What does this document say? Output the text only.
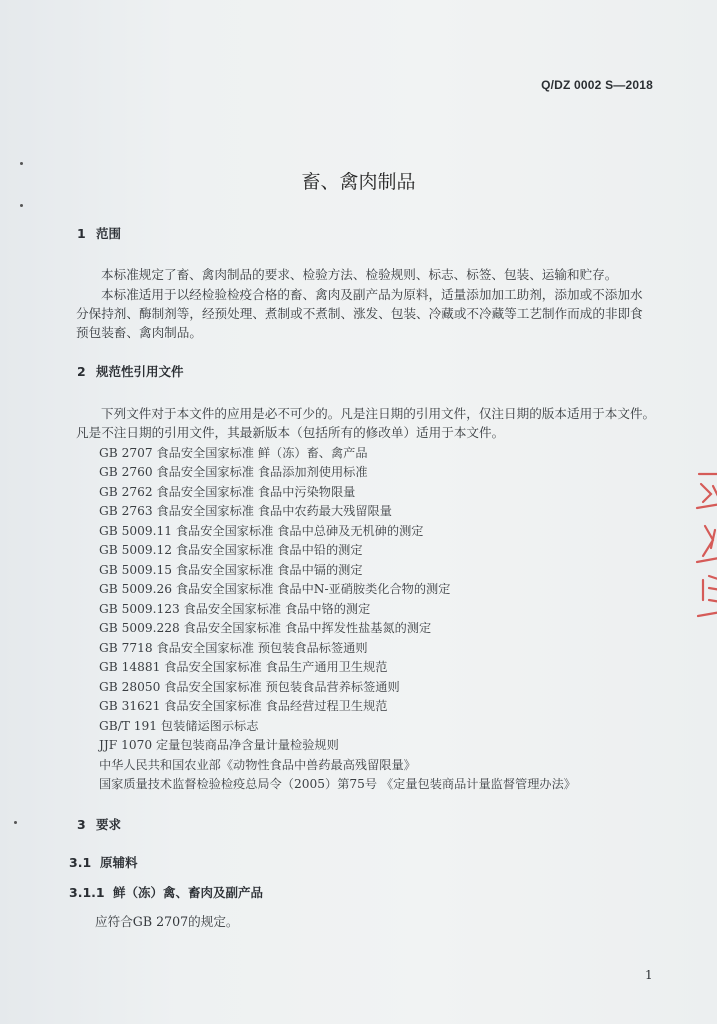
Q/DZ 0002 S—2018
畜、禽肉制品
1 范围
本标准规定了畜、禽肉制品的要求、检验方法、检验规则、标志、标签、包装、运输和贮存。
本标准适用于以经检验检疫合格的畜、禽肉及副产品为原料，适量添加加工助剂，添加或不添加水
分保持剂、酶制剂等，经预处理、煮制或不煮制、涨发、包装、冷藏或不冷藏等工艺制作而成的非即食
预包装畜、禽肉制品。
2 规范性引用文件
下列文件对于本文件的应用是必不可少的。凡是注日期的引用文件，仅注日期的版本适用于本文件。
凡是不注日期的引用文件，其最新版本（包括所有的修改单）适用于本文件。
GB 2707 食品安全国家标准 鲜（冻）畜、禽产品
GB 2760 食品安全国家标准 食品添加剂使用标准
GB 2762 食品安全国家标准 食品中污染物限量
GB 2763 食品安全国家标准 食品中农药最大残留限量
GB 5009.11 食品安全国家标准 食品中总砷及无机砷的测定
GB 5009.12 食品安全国家标准 食品中铅的测定
GB 5009.15 食品安全国家标准 食品中镉的测定
GB 5009.26 食品安全国家标准 食品中N-亚硝胺类化合物的测定
GB 5009.123 食品安全国家标准 食品中铬的测定
GB 5009.228 食品安全国家标准 食品中挥发性盐基氮的测定
GB 7718 食品安全国家标准 预包装食品标签通则
GB 14881 食品安全国家标准 食品生产通用卫生规范
GB 28050 食品安全国家标准 预包装食品营养标签通则
GB 31621 食品安全国家标准 食品经营过程卫生规范
GB/T 191 包装储运图示标志
JJF 1070 定量包装商品净含量计量检验规则
中华人民共和国农业部《动物性食品中兽药最高残留限量》
国家质量技术监督检验检疫总局令（2005）第75号 《定量包装商品计量监督管理办法》
3 要求
3.1 原辅料
3.1.1 鲜（冻）禽、畜肉及副产品
应符合GB 2707的规定。
1
